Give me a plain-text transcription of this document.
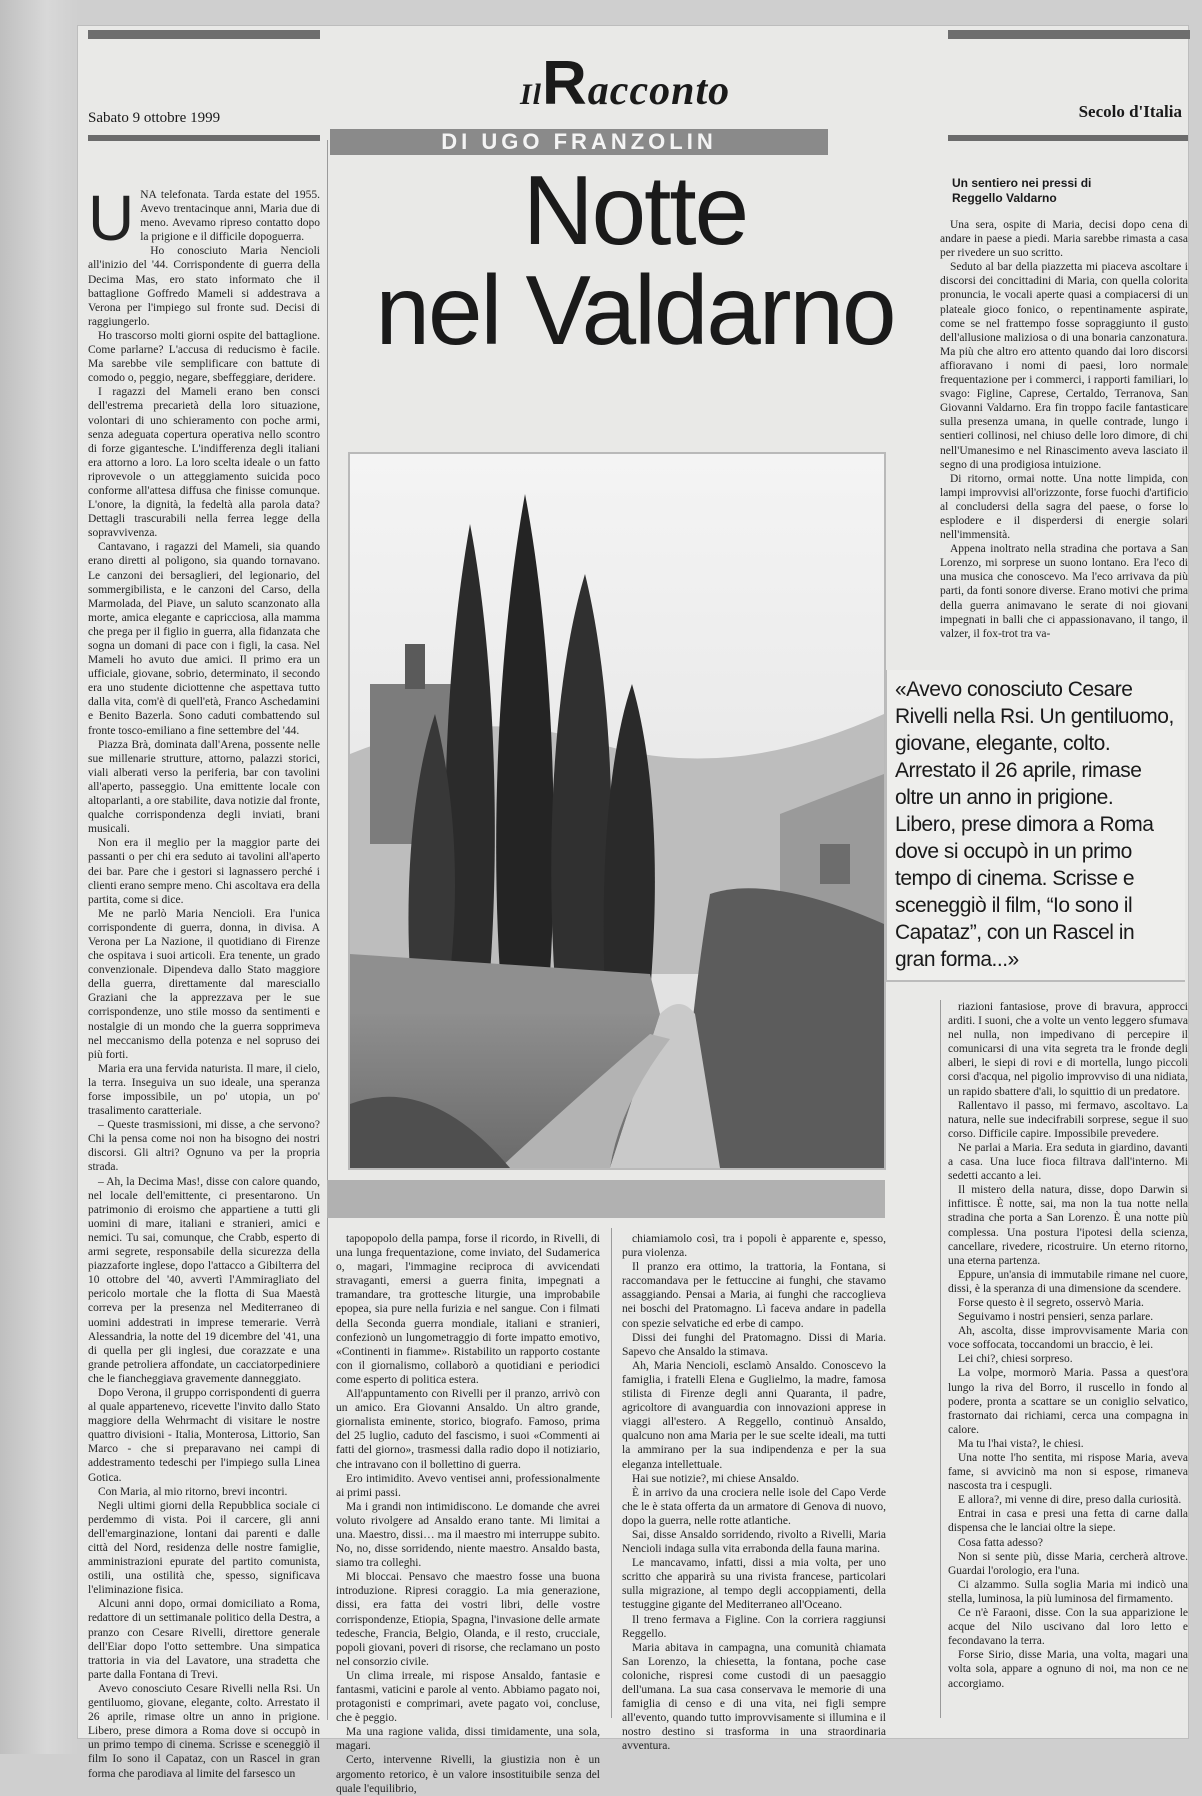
Sabato 9 ottobre 1999
IlRacconto	Secolo d'Italia
DI UGO FRANZOLIN
Notte
nel Valdarno
U NA telefonata. Tarda estate del 1955. Avevo trentacinque anni, Maria due di meno. Avevamo ripreso contatto dopo la prigione e il difficile dopoguerra.

Ho conosciuto Maria Nencioli all'inizio del '44. Corrispondente di guerra della Decima Mas, ero stato informato che il battaglione Goffredo Mameli si addestrava a Verona per l'impiego sul fronte sud. Decisi di raggiungerlo.

Ho trascorso molti giorni ospite del battaglione. Come parlarne? L'accusa di reducismo è facile. Ma sarebbe vile semplificare con battute di comodo o, peggio, negare, sbeffeggiare, deridere.

I ragazzi del Mameli erano ben consci dell'estrema precarietà della loro situazione, volontari di uno schieramento con poche armi, senza adeguata copertura operativa nello scontro di forze gigantesche. L'indifferenza degli italiani era attorno a loro. La loro scelta ideale o un fatto riprovevole o un atteggiamento suicida poco conforme all'attesa diffusa che finisse comunque. L'onore, la dignità, la fedeltà alla parola data? Dettagli trascurabili nella ferrea legge della sopravvivenza.

Cantavano, i ragazzi del Mameli, sia quando erano diretti al poligono, sia quando tornavano. Le canzoni dei bersaglieri, del legionario, del sommergibilista, e le canzoni del Carso, della Marmolada, del Piave, un saluto scanzonato alla morte, amica elegante e capricciosa, alla mamma che prega per il figlio in guerra, alla fidanzata che sogna un domani di pace con i figli, la casa. Nel Mameli ho avuto due amici. Il primo era un ufficiale, giovane, sobrio, determinato, il secondo era uno studente diciottenne che aspettava tutto dalla vita, com'è di quell'età, Franco Aschedamini e Benito Bazerla. Sono caduti combattendo sul fronte tosco-emiliano a fine settembre del '44.

Piazza Brà, dominata dall'Arena, possente nelle sue millenarie strutture, attorno, palazzi storici, viali alberati verso la periferia, bar con tavolini all'aperto, passeggio. Una emittente locale con altoparlanti, a ore stabilite, dava notizie dal fronte, qualche corrispondenza degli inviati, brani musicali.

Non era il meglio per la maggior parte dei passanti o per chi era seduto ai tavolini all'aperto dei bar. Pare che i gestori si lagnassero perché i clienti erano sempre meno. Chi ascoltava era della partita, come si dice.

Me ne parlò Maria Nencioli. Era l'unica corrispondente di guerra, donna, in divisa. A Verona per La Nazione, il quotidiano di Firenze che ospitava i suoi articoli. Era tenente, un grado convenzionale. Dipendeva dallo Stato maggiore della guerra, direttamente dal maresciallo Graziani che la apprezzava per le sue corrispondenze, uno stile mosso da sentimenti e nostalgie di un mondo che la guerra sopprimeva nel meccanismo della potenza e nel sopruso dei più forti.

Maria era una fervida naturista. Il mare, il cielo, la terra. Inseguiva un suo ideale, una speranza forse impossibile, un po' utopia, un po' trasalimento caratteriale.

– Queste trasmissioni, mi disse, a che servono? Chi la pensa come noi non ha bisogno dei nostri discorsi. Gli altri? Ognuno va per la propria strada.

– Ah, la Decima Mas!, disse con calore quando, nel locale dell'emittente, ci presentarono. Un patrimonio di eroismo che appartiene a tutti gli uomini di mare, italiani e stranieri, amici e nemici. Tu sai, comunque, che Crabb, esperto di armi segrete, responsabile della sicurezza della piazzaforte inglese, dopo l'attacco a Gibilterra del 10 ottobre del '40, avvertì l'Ammiragliato del pericolo mortale che la flotta di Sua Maestà correva per la presenza nel Mediterraneo di uomini addestrati in imprese temerarie. Verrà Alessandria, la notte del 19 dicembre del '41, una di quella per gli inglesi, due corazzate e una grande petroliera affondate, un cacciatorpediniere che le fiancheggiava gravemente danneggiato.

Dopo Verona, il gruppo corrispondenti di guerra al quale appartenevo, ricevette l'invito dallo Stato maggiore della Wehrmacht di visitare le nostre quattro divisioni - Italia, Monterosa, Littorio, San Marco - che si preparavano nei campi di addestramento tedeschi per l'impiego sulla Linea Gotica.

Con Maria, al mio ritorno, brevi incontri.

Negli ultimi giorni della Repubblica sociale ci perdemmo di vista. Poi il carcere, gli anni dell'emarginazione, lontani dai parenti e dalle città del Nord, residenza delle nostre famiglie, amministrazioni epurate del partito comunista, ostili, una ostilità che, spesso, significava l'eliminazione fisica.

Alcuni anni dopo, ormai domiciliato a Roma, redattore di un settimanale politico della Destra, a pranzo con Cesare Rivelli, direttore generale dell'Eiar dopo l'otto settembre. Una simpatica trattoria in via del Lavatore, una stradetta che parte dalla Fontana di Trevi.

Avevo conosciuto Cesare Rivelli nella Rsi. Un gentiluomo, giovane, elegante, colto. Arrestato il 26 aprile, rimase oltre un anno in prigione. Libero, prese dimora a Roma dove si occupò in un primo tempo di cinema. Scrisse e sceneggiò il film Io sono il Capataz, con un Rascel in gran forma che parodiava al limite del farsesco un

Un sentiero nei pressi di Reggello Valdarno

Una sera, ospite di Maria, decisi dopo cena di andare in paese a piedi. Maria sarebbe rimasta a casa per rivedere un suo scritto.

Seduto al bar della piazzetta mi piaceva ascoltare i discorsi dei concittadini di Maria, con quella colorita pronuncia, le vocali aperte quasi a compiacersi di un plateale gioco fonico, o repentinamente aspirate, come se nel frattempo fosse sopraggiunto il gusto dell'allusione maliziosa o di una bonaria canzonatura. Ma più che altro ero attento quando dai loro discorsi affioravano i nomi di paesi, loro normale frequentazione per i commerci, i rapporti familiari, lo svago: Figline, Caprese, Certaldo, Terranova, San Giovanni Valdarno. Era fin troppo facile fantasticare sulla presenza umana, in quelle contrade, lungo i sentieri collinosi, nel chiuso delle loro dimore, di chi nell'Umanesimo e nel Rinascimento aveva lasciato il segno di una prodigiosa intuizione.

Di ritorno, ormai notte. Una notte limpida, con lampi improvvisi all'orizzonte, forse fuochi d'artificio al concludersi della sagra del paese, o forse lo esplodere e il disperdersi di energie solari nell'immensità.

Appena inoltrato nella stradina che portava a San Lorenzo, mi sorprese un suono lontano. Era l'eco di una musica che conoscevo. Ma l'eco arrivava da più parti, da fonti sonore diverse. Erano motivi che prima della guerra animavano le serate di noi giovani impegnati in balli che ci appassionavano, il tango, il valzer, il fox-trot tra va-

«Avevo conosciuto Cesare Rivelli nella Rsi. Un gentiluomo, giovane, elegante, colto. Arrestato il 26 aprile, rimase oltre un anno in prigione. Libero, prese dimora a Roma dove si occupò in un primo tempo di cinema. Scrisse e sceneggiò il film, “Io sono il Capataz”, con un Rascel in gran forma...»

riazioni fantasiose, prove di bravura, approcci arditi. I suoni, che a volte un vento leggero sfumava nel nulla, non impedivano di percepire il comunicarsi di una vita segreta tra le fronde degli alberi, le siepi di rovi e di mortella, lungo piccoli corsi d'acqua, nel pigolio improvviso di una nidiata, un rapido sbattere d'ali, lo squittio di un predatore.

Rallentavo il passo, mi fermavo, ascoltavo. La natura, nelle sue indecifrabili sorprese, segue il suo corso. Difficile capire. Impossibile prevedere.

Ne parlai a Maria. Era seduta in giardino, davanti a casa. Una luce fioca filtrava dall'interno. Mi sedetti accanto a lei.

Il mistero della natura, disse, dopo Darwin si infittisce. È notte, sai, ma non la tua notte nella stradina che porta a San Lorenzo. È una notte più complessa. Una postura l'ipotesi della scienza, cancellare, rivedere, ricostruire. Un eterno ritorno, una eterna partenza.

Eppure, un'ansia di immutabile rimane nel cuore, dissi, è la speranza di una dimensione da scendere.

Forse questo è il segreto, osservò Maria.

Seguivamo i nostri pensieri, senza parlare.

Ah, ascolta, disse improvvisamente Maria con voce soffocata, toccandomi un braccio, è lei.

Lei chi?, chiesi sorpreso.

La volpe, mormorò Maria. Passa a quest'ora lungo la riva del Borro, il ruscello in fondo al podere, pronta a scattare se un coniglio selvatico, frastornato dai richiami, cerca una compagna in calore.

Ma tu l'hai vista?, le chiesi.

Una notte l'ho sentita, mi rispose Maria, aveva fame, si avvicinò ma non si espose, rimaneva nascosta tra i cespugli.

E allora?, mi venne di dire, preso dalla curiosità.

Entrai in casa e presi una fetta di carne dalla dispensa che le lanciai oltre la siepe.

Cosa fatta adesso?

Non si sente più, disse Maria, cercherà altrove. Guardai l'orologio, era l'una.

Ci alzammo. Sulla soglia Maria mi indicò una stella, luminosa, la più luminosa del firmamento.

Ce n'è Faraoni, disse. Con la sua apparizione le acque del Nilo uscivano dal loro letto e fecondavano la terra.

Forse Sirio, disse Maria, una volta, magari una volta sola, appare a ognuno di noi, ma non ce ne accorgiamo.

tapopopolo della pampa, forse il ricordo, in Rivelli, di una lunga frequentazione, come inviato, del Sudamerica o, magari, l'immagine reciproca di avvicendati stravaganti, emersi a guerra finita, impegnati a tramandare, tra grottesche liturgie, una improbabile epopea, sia pure nella furizia e nel sangue. Con i filmati della Seconda guerra mondiale, italiani e stranieri, confezionò un lungometraggio di forte impatto emotivo, «Continenti in fiamme». Ristabilito un rapporto costante con il giornalismo, collaborò a quotidiani e periodici come esperto di politica estera.

All'appuntamento con Rivelli per il pranzo, arrivò con un amico. Era Giovanni Ansaldo. Un altro grande, giornalista eminente, storico, biografo. Famoso, prima del 25 luglio, caduto del fascismo, i suoi «Commenti ai fatti del giorno», trasmessi dalla radio dopo il notiziario, che intravano con il bollettino di guerra.

Ero intimidito. Avevo ventisei anni, professionalmente ai primi passi.

Ma i grandi non intimidiscono. Le domande che avrei voluto rivolgere ad Ansaldo erano tante. Mi limitai a una. Maestro, dissi… ma il maestro mi interruppe subito. No, no, disse sorridendo, niente maestro. Ansaldo basta, siamo tra colleghi.

Mi bloccai. Pensavo che maestro fosse una buona introduzione. Ripresi coraggio. La mia generazione, dissi, era fatta dei vostri libri, delle vostre corrispondenze, Etiopia, Spagna, l'invasione delle armate tedesche, Francia, Belgio, Olanda, e il resto, crucciale, popoli giovani, poveri di risorse, che reclamano un posto nel consorzio civile.

Un clima irreale, mi rispose Ansaldo, fantasie e fantasmi, vaticini e parole al vento. Abbiamo pagato noi, protagonisti e comprimari, avete pagato voi, concluse, che è peggio.

Ma una ragione valida, dissi timidamente, una sola, magari.

Certo, intervenne Rivelli, la giustizia non è un argomento retorico, è un valore insostituibile senza del quale l'equilibrio,

chiamiamolo così, tra i popoli è apparente e, spesso, pura violenza.

Il pranzo era ottimo, la trattoria, la Fontana, si raccomandava per le fettuccine ai funghi, che stavamo assaggiando. Pensai a Maria, ai funghi che raccoglieva nei boschi del Pratomagno. Lì faceva andare in padella con spezie selvatiche ed erbe di campo.

Dissi dei funghi del Pratomagno. Dissi di Maria. Sapevo che Ansaldo la stimava.

Ah, Maria Nencioli, esclamò Ansaldo. Conoscevo la famiglia, i fratelli Elena e Guglielmo, la madre, famosa stilista di Firenze degli anni Quaranta, il padre, agricoltore di avanguardia con innovazioni apprese in viaggi all'estero. A Reggello, continuò Ansaldo, qualcuno non ama Maria per le sue scelte ideali, ma tutti la ammirano per la sua indipendenza e per la sua eleganza intellettuale.

Hai sue notizie?, mi chiese Ansaldo.

È in arrivo da una crociera nelle isole del Capo Verde che le è stata offerta da un armatore di Genova di nuovo, dopo la guerra, nelle rotte atlantiche.

Sai, disse Ansaldo sorridendo, rivolto a Rivelli, Maria Nencioli indaga sulla vita errabonda della fauna marina.

Le mancavamo, infatti, dissi a mia volta, per uno scritto che apparirà su una rivista francese, particolari sulla migrazione, al tempo degli accoppiamenti, della testuggine gigante del Mediterraneo all'Oceano.

Il treno fermava a Figline. Con la corriera raggiunsi Reggello.

Maria abitava in campagna, una comunità chiamata San Lorenzo, la chiesetta, la fontana, poche case coloniche, rispresi come custodi di un paesaggio dell'umana. La sua casa conservava le memorie di una famiglia di censo e di una vita, nei figli sempre all'evento, quando tutto improvvisamente si illumina e il nostro destino si trasforma in una straordinaria avventura.
